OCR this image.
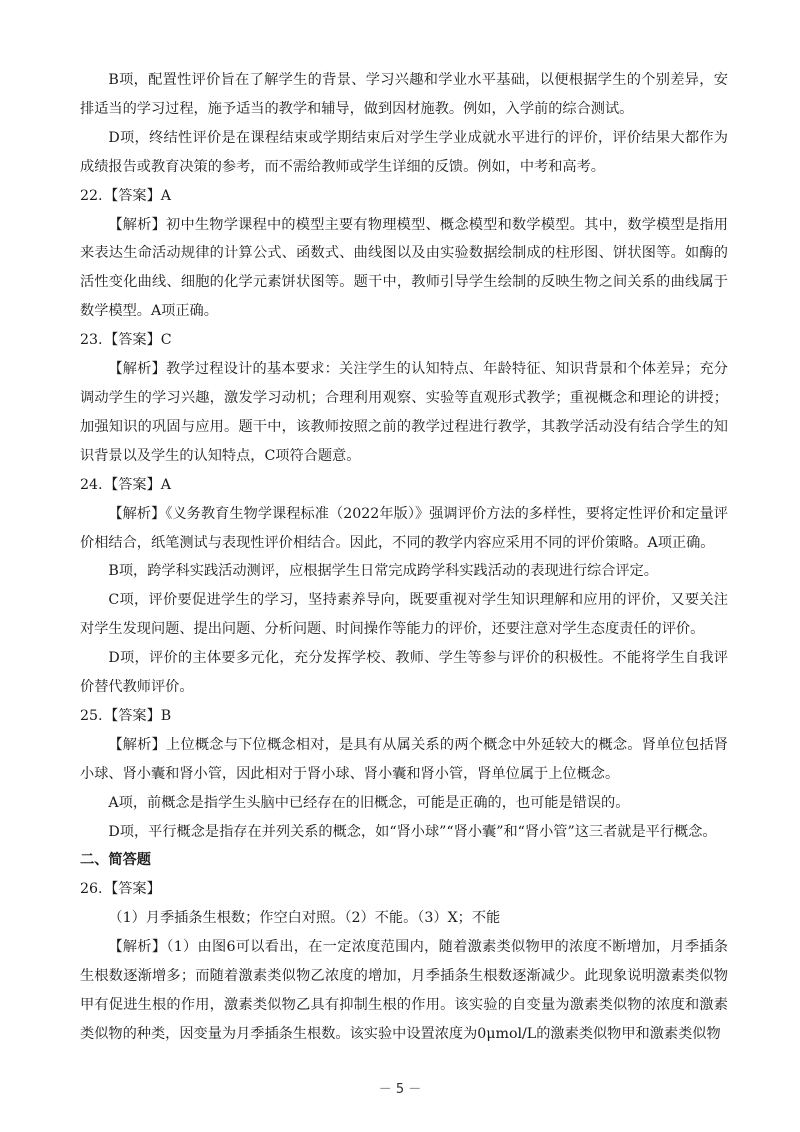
B项，配置性评价旨在了解学生的背景、学习兴趣和学业水平基础，以便根据学生的个别差异，安排适当的学习过程，施予适当的教学和辅导，做到因材施教。例如，入学前的综合测试。

D项，终结性评价是在课程结束或学期结束后对学生学业成就水平进行的评价，评价结果大都作为成绩报告或教育决策的参考，而不需给教师或学生详细的反馈。例如，中考和高考。

22.【答案】A

【解析】初中生物学课程中的模型主要有物理模型、概念模型和数学模型。其中，数学模型是指用来表达生命活动规律的计算公式、函数式、曲线图以及由实验数据绘制成的柱形图、饼状图等。如酶的活性变化曲线、细胞的化学元素饼状图等。题干中，教师引导学生绘制的反映生物之间关系的曲线属于数学模型。A项正确。

23.【答案】C

【解析】教学过程设计的基本要求：关注学生的认知特点、年龄特征、知识背景和个体差异；充分调动学生的学习兴趣，激发学习动机；合理利用观察、实验等直观形式教学；重视概念和理论的讲授；加强知识的巩固与应用。题干中，该教师按照之前的教学过程进行教学，其教学活动没有结合学生的知识背景以及学生的认知特点，C项符合题意。

24.【答案】A

【解析】《义务教育生物学课程标准（2022年版）》强调评价方法的多样性，要将定性评价和定量评价相结合，纸笔测试与表现性评价相结合。因此，不同的教学内容应采用不同的评价策略。A项正确。

B项，跨学科实践活动测评，应根据学生日常完成跨学科实践活动的表现进行综合评定。

C项，评价要促进学生的学习，坚持素养导向，既要重视对学生知识理解和应用的评价，又要关注对学生发现问题、提出问题、分析问题、时间操作等能力的评价，还要注意对学生态度责任的评价。

D项，评价的主体要多元化，充分发挥学校、教师、学生等参与评价的积极性。不能将学生自我评价替代教师评价。

25.【答案】B

【解析】上位概念与下位概念相对，是具有从属关系的两个概念中外延较大的概念。肾单位包括肾小球、肾小囊和肾小管，因此相对于肾小球、肾小囊和肾小管，肾单位属于上位概念。

A项，前概念是指学生头脑中已经存在的旧概念，可能是正确的，也可能是错误的。

D项，平行概念是指存在并列关系的概念，如“肾小球”“肾小囊”和“肾小管”这三者就是平行概念。

二、简答题

26.【答案】

（1）月季插条生根数；作空白对照。（2）不能。（3）X；不能

【解析】（1）由图6可以看出，在一定浓度范围内，随着激素类似物甲的浓度不断增加，月季插条生根数逐渐增多；而随着激素类似物乙浓度的增加，月季插条生根数逐渐减少。此现象说明激素类似物甲有促进生根的作用，激素类似物乙具有抑制生根的作用。该实验的自变量为激素类似物的浓度和激素类似物的种类，因变量为月季插条生根数。该实验中设置浓度为0μmol/L的激素类似物甲和激素类似物

－ 5 －
